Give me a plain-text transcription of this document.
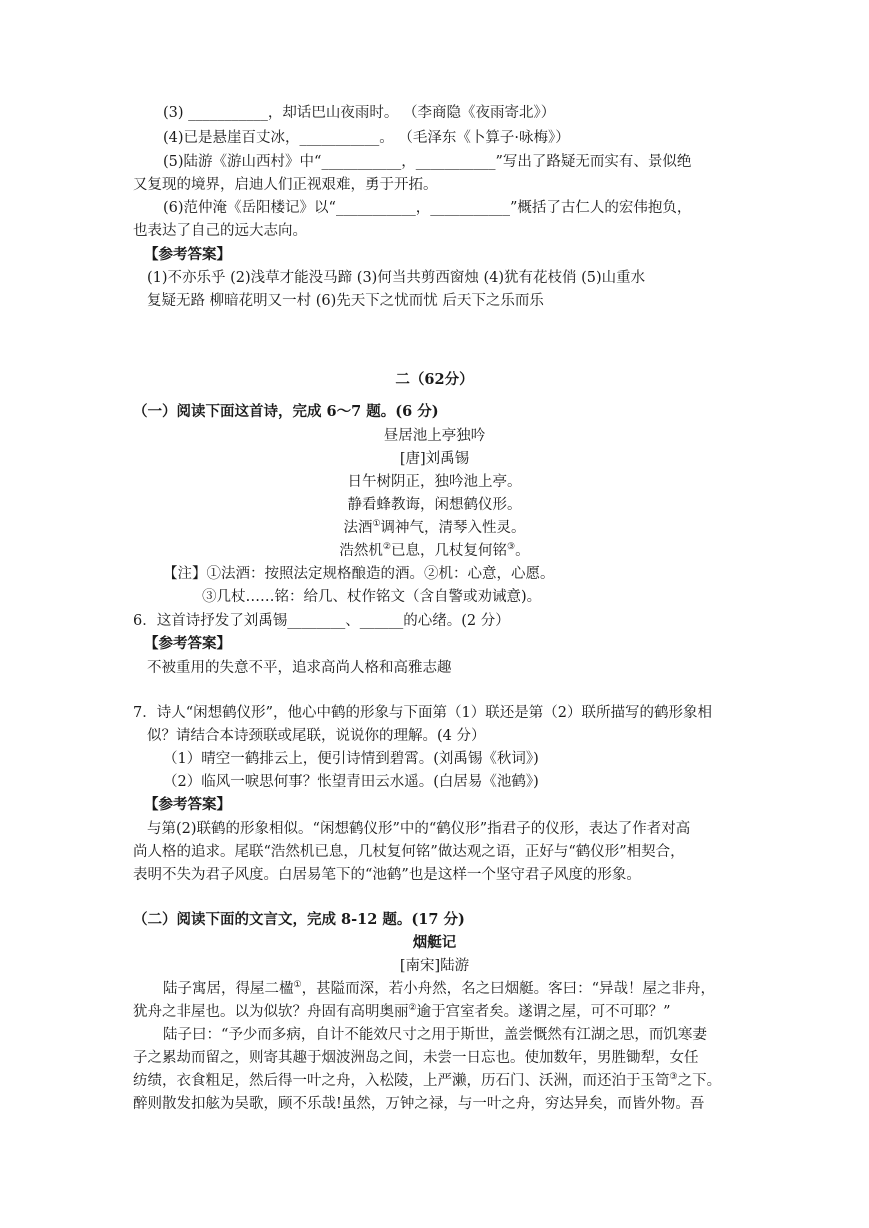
(3) ___________，却话巴山夜雨时。 （李商隐《夜雨寄北》）
(4)已是悬崖百丈冰，___________。 （毛泽东《卜算子·咏梅》）
(5)陆游《游山西村》中“___________，___________”写出了路疑无而实有、景似绝
又复现的境界，启迪人们正视艰难，勇于开拓。
(6)范仲淹《岳阳楼记》以“___________，___________”概括了古仁人的宏伟抱负，
也表达了自己的远大志向。
【参考答案】
(1)不亦乐乎 (2)浅草才能没马蹄 (3)何当共剪西窗烛 (4)犹有花枝俏 (5)山重水
复疑无路 柳暗花明又一村 (6)先天下之忧而忧 后天下之乐而乐
二（62分）
（一）阅读下面这首诗，完成 6～7 题。(6 分)
昼居池上亭独吟
[唐]刘禹锡
日午树阴正，独吟池上亭。
静看蜂教诲，闲想鹤仪形。
法酒①调神气，清琴入性灵。
浩然机②已息，几杖复何铭③。
【注】①法酒：按照法定规格酿造的酒。②机：心意，心愿。
③几杖……铭：给几、杖作铭文（含自警或劝诫意)。
6．这首诗抒发了刘禹锡________、______的心绪。(2 分）
【参考答案】
不被重用的失意不平，追求高尚人格和高雅志趣
7．诗人“闲想鹤仪形”，他心中鹤的形象与下面第（1）联还是第（2）联所描写的鹤形象相
似？请结合本诗颈联或尾联，说说你的理解。(4 分）
（1）晴空一鹤排云上，便引诗情到碧霄。(刘禹锡《秋词》)
（2）临风一唳思何事？怅望青田云水遥。(白居易《池鹤》)
【参考答案】
与第(2)联鹤的形象相似。“闲想鹤仪形”中的“鹤仪形”指君子的仪形，表达了作者对高
尚人格的追求。尾联“浩然机已息，几杖复何铭”做达观之语，正好与“鹤仪形”相契合，
表明不失为君子风度。白居易笔下的“池鹤”也是这样一个坚守君子风度的形象。
（二）阅读下面的文言文，完成 8-12 题。(17 分)
烟艇记
[南宋]陆游
陆子寓居，得屋二楹①，甚隘而深，若小舟然，名之曰烟艇。客曰：“异哉！屋之非舟，
犹舟之非屋也。以为似欤？舟固有高明奥丽②逾于宫室者矣。遂谓之屋，可不可耶？”
陆子曰：“予少而多病，自计不能效尺寸之用于斯世，盖尝慨然有江湖之思，而饥寒妻
子之累劫而留之，则寄其趣于烟波洲岛之间，未尝一日忘也。使加数年，男胜锄犁，女任
纺绩，衣食粗足，然后得一叶之舟，入松陵，上严濑，历石门、沃洲，而还泊于玉笥③之下。
醉则散发扣舷为吴歌，顾不乐哉!虽然，万钟之禄，与一叶之舟，穷达异矣，而皆外物。吾
